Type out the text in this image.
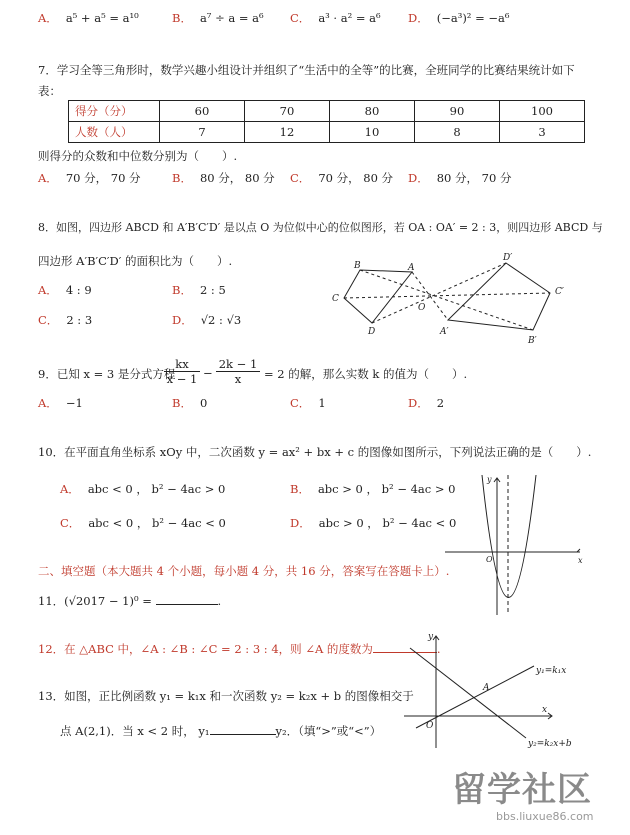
A． a⁵ + a⁵ = a¹⁰	B． a⁷ ÷ a = a⁶ C． a³ · a² = a⁶ D． (−a³)² = −a⁶
7．学习全等三角形时，数学兴趣小组设计并组织了“生活中的全等”的比赛，全班同学的比赛结果统计如下
表：
得分（分）	60	70	80	90	100
人数（人）	7	12	10	8	3
则得分的众数和中位数分别为（　　）.
A． 70 分， 70 分	B． 80 分， 80 分 C． 70 分， 80 分 D． 80 分， 70 分
8．如图，四边形 ABCD 和 A′B′C′D′ 是以点 O 为位似中心的位似图形，若 OA : OA′ = 2 : 3，则四边形 ABCD 与
四边形 A′B′C′D′ 的面积比为（　　）.
A． 4 : 9	B． 2 : 5
C． 2 : 3	D． √2 : √3
B	A
C
D
O
A′
B′
C′
D′
9．已知 x = 3 是分式方程
$\frac{kx}{x - 1} - \frac{2k - 1}{x} = 2$ 的解，那么实数 k 的值为（　　）.
A． −1	B． 0	C． 1	D． 2
10．在平面直角坐标系 xOy 中，二次函数 y = ax² + bx + c 的图像如图所示，下列说法正确的是（　　）.
A． abc < 0 ， b² − 4ac > 0	B． abc > 0 ， b² − 4ac > 0
C． abc < 0 ， b² − 4ac < 0	D． abc > 0 ， b² − 4ac < 0
y
x
O
二、填空题（本大题共 4 个小题，每小题 4 分，共 16 分，答案写在答题卡上）.
11．(√2017 − 1)⁰ =	.
12．在 △ABC 中，∠A : ∠B : ∠C = 2 : 3 : 4，则 ∠A 的度数为	.
13．如图，正比例函数 y₁ = k₁x 和一次函数 y₂ = k₂x + b 的图像相交于
点 A(2,1)．当 x < 2 时， y₁	y₂．（填“>”或“<”）
y
x
O
A
y₁=k₁x
y₂=k₂x+b
留学社区
bbs.liuxue86.com
